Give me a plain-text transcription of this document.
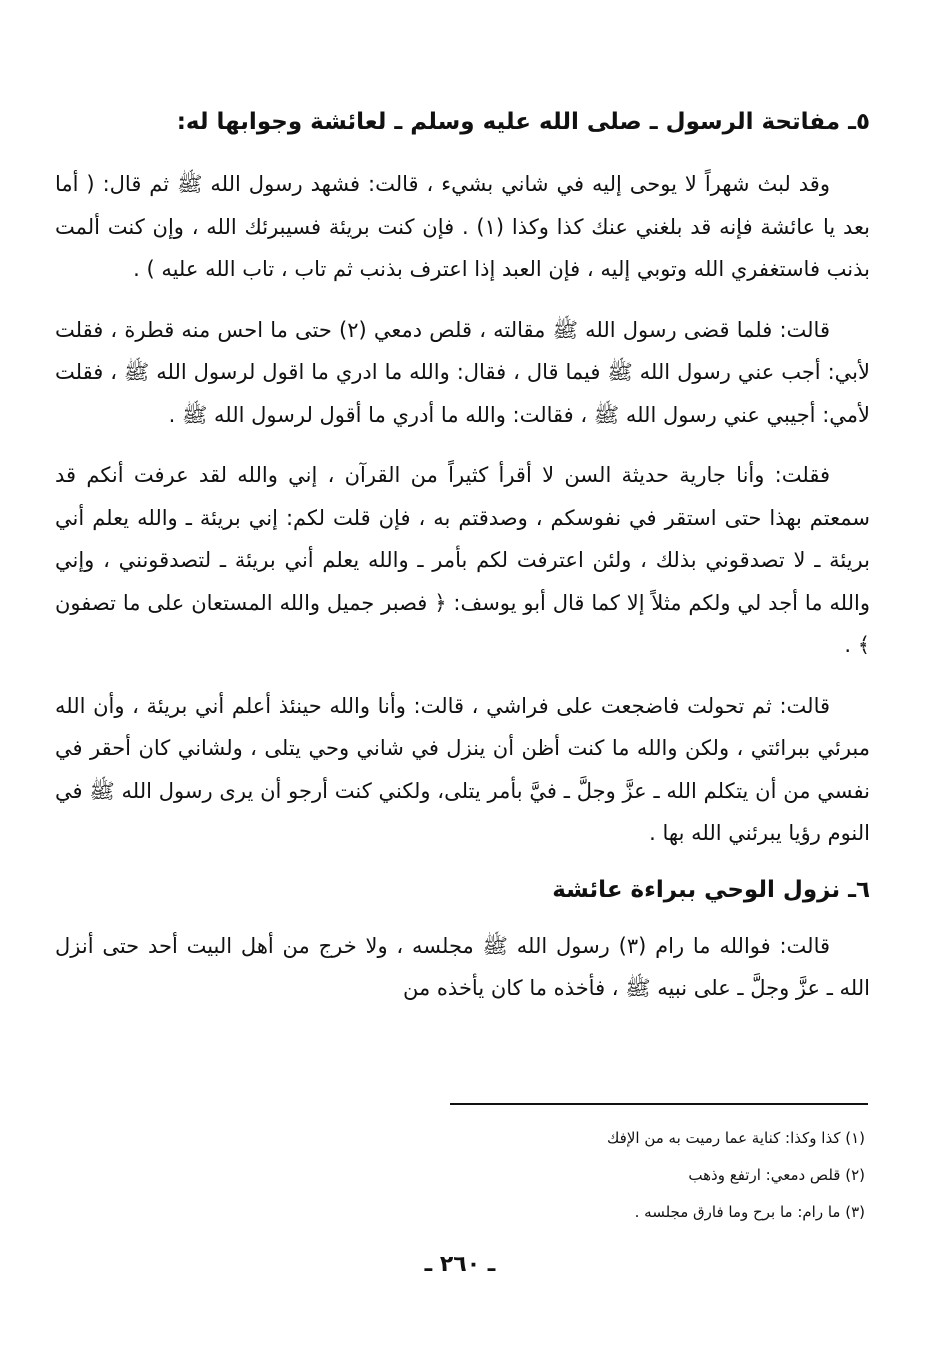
٥ـ مفاتحة الرسول ـ صلى الله عليه وسلم ـ لعائشة وجوابها له:
وقد لبث شهراً لا يوحى إليه في شاني بشيء ، قالت: فشهد رسول الله ﷺ ثم قال: ( أما بعد يا عائشة فإنه قد بلغني عنك كذا وكذا (١) . فإن كنت بريئة فسيبرئك الله ، وإن كنت ألمت بذنب فاستغفري الله وتوبي إليه ، فإن العبد إذا اعترف بذنب ثم تاب ، تاب الله عليه ) .
قالت: فلما قضى رسول الله ﷺ مقالته ، قلص دمعي (٢) حتى ما احس منه قطرة ، فقلت لأبي: أجب عني رسول الله ﷺ فيما قال ، فقال: والله ما ادري ما اقول لرسول الله ﷺ ، فقلت لأمي: أجيبي عني رسول الله ﷺ ، فقالت: والله ما أدري ما أقول لرسول الله ﷺ .
فقلت: وأنا جارية حديثة السن لا أقرأ كثيراً من القرآن ، إني والله لقد عرفت أنكم قد سمعتم بهذا حتى استقر في نفوسكم ، وصدقتم به ، فإن قلت لكم: إني بريئة ـ والله يعلم أني بريئة ـ لا تصدقوني بذلك ، ولئن اعترفت لكم بأمر ـ والله يعلم أني بريئة ـ لتصدقونني ، وإني والله ما أجد لي ولكم مثلاً إلا كما قال أبو يوسف: ﴿ فصبر جميل والله المستعان على ما تصفون ﴾ .
قالت: ثم تحولت فاضجعت على فراشي ، قالت: وأنا والله حينئذ أعلم أني بريئة ، وأن الله مبرئي ببرائتي ، ولكن والله ما كنت أظن أن ينزل في شاني وحي يتلى ، ولشاني كان أحقر في نفسي من أن يتكلم الله ـ عزَّ وجلَّ ـ فيَّ بأمر يتلى، ولكني كنت أرجو أن يرى رسول الله ﷺ في النوم رؤيا يبرئني الله بها .
٦ـ نزول الوحي ببراءة عائشة
قالت: فوالله ما رام (٣) رسول الله ﷺ مجلسه ، ولا خرج من أهل البيت أحد حتى أنزل الله ـ عزَّ وجلَّ ـ على نبيه ﷺ ، فأخذه ما كان يأخذه من
(١) كذا وكذا: كناية عما رميت به من الإفك
(٢) قلص دمعي: ارتفع وذهب
(٣) ما رام: ما برح وما فارق مجلسه .
ـ ٢٦٠ ـ
